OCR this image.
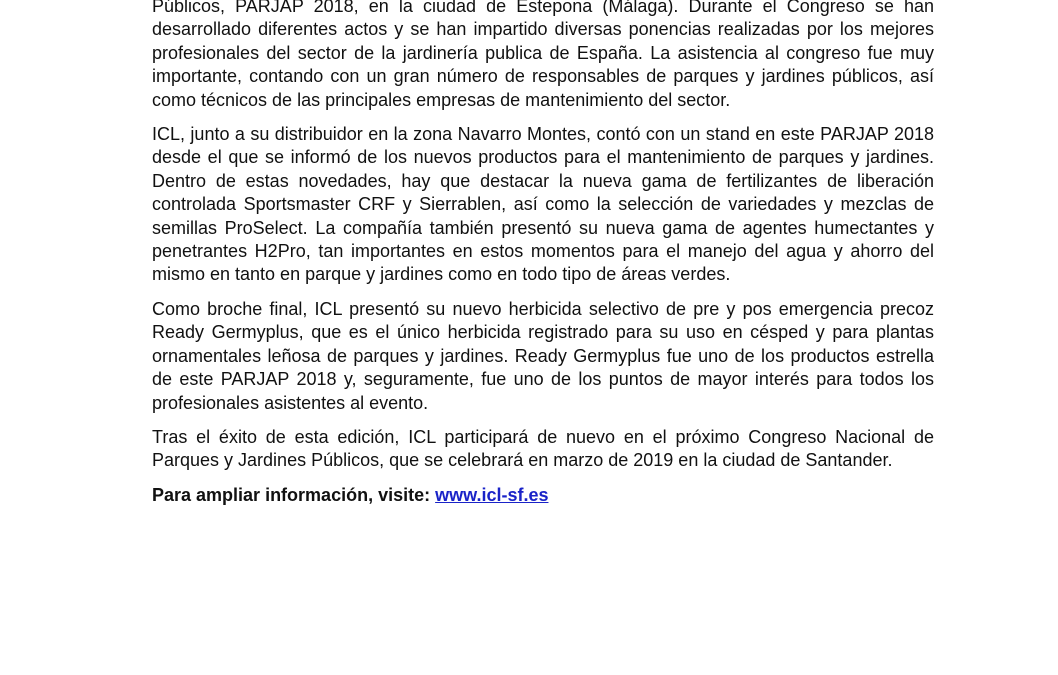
Públicos, PARJAP 2018, en la ciudad de Estepona (Málaga). Durante el Congreso se han desarrollado diferentes actos y se han impartido diversas ponencias realizadas por los mejores profesionales del sector de la jardinería publica de España. La asistencia al congreso fue muy importante, contando con un gran número de responsables de parques y jardines públicos, así como técnicos de las principales empresas de mantenimiento del sector.

ICL, junto a su distribuidor en la zona Navarro Montes, contó con un stand en este PARJAP 2018 desde el que se informó de los nuevos productos para el mantenimiento de parques y jardines. Dentro de estas novedades, hay que destacar la nueva gama de fertilizantes de liberación controlada Sportsmaster CRF y Sierrablen, así como la selección de variedades y mezclas de semillas ProSelect. La compañía también presentó su nueva gama de agentes humectantes y penetrantes H2Pro, tan importantes en estos momentos para el manejo del agua y ahorro del mismo en tanto en parque y jardines como en todo tipo de áreas verdes.

Como broche final, ICL presentó su nuevo herbicida selectivo de pre y pos emergencia precoz Ready Germyplus, que es el único herbicida registrado para su uso en césped y para plantas ornamentales leñosa de parques y jardines. Ready Germyplus fue uno de los productos estrella de este PARJAP 2018 y, seguramente, fue uno de los puntos de mayor interés para todos los profesionales asistentes al evento.

Tras el éxito de esta edición, ICL participará de nuevo en el próximo Congreso Nacional de Parques y Jardines Públicos, que se celebrará en marzo de 2019 en la ciudad de Santander.

Para ampliar información, visite: www.icl-sf.es
